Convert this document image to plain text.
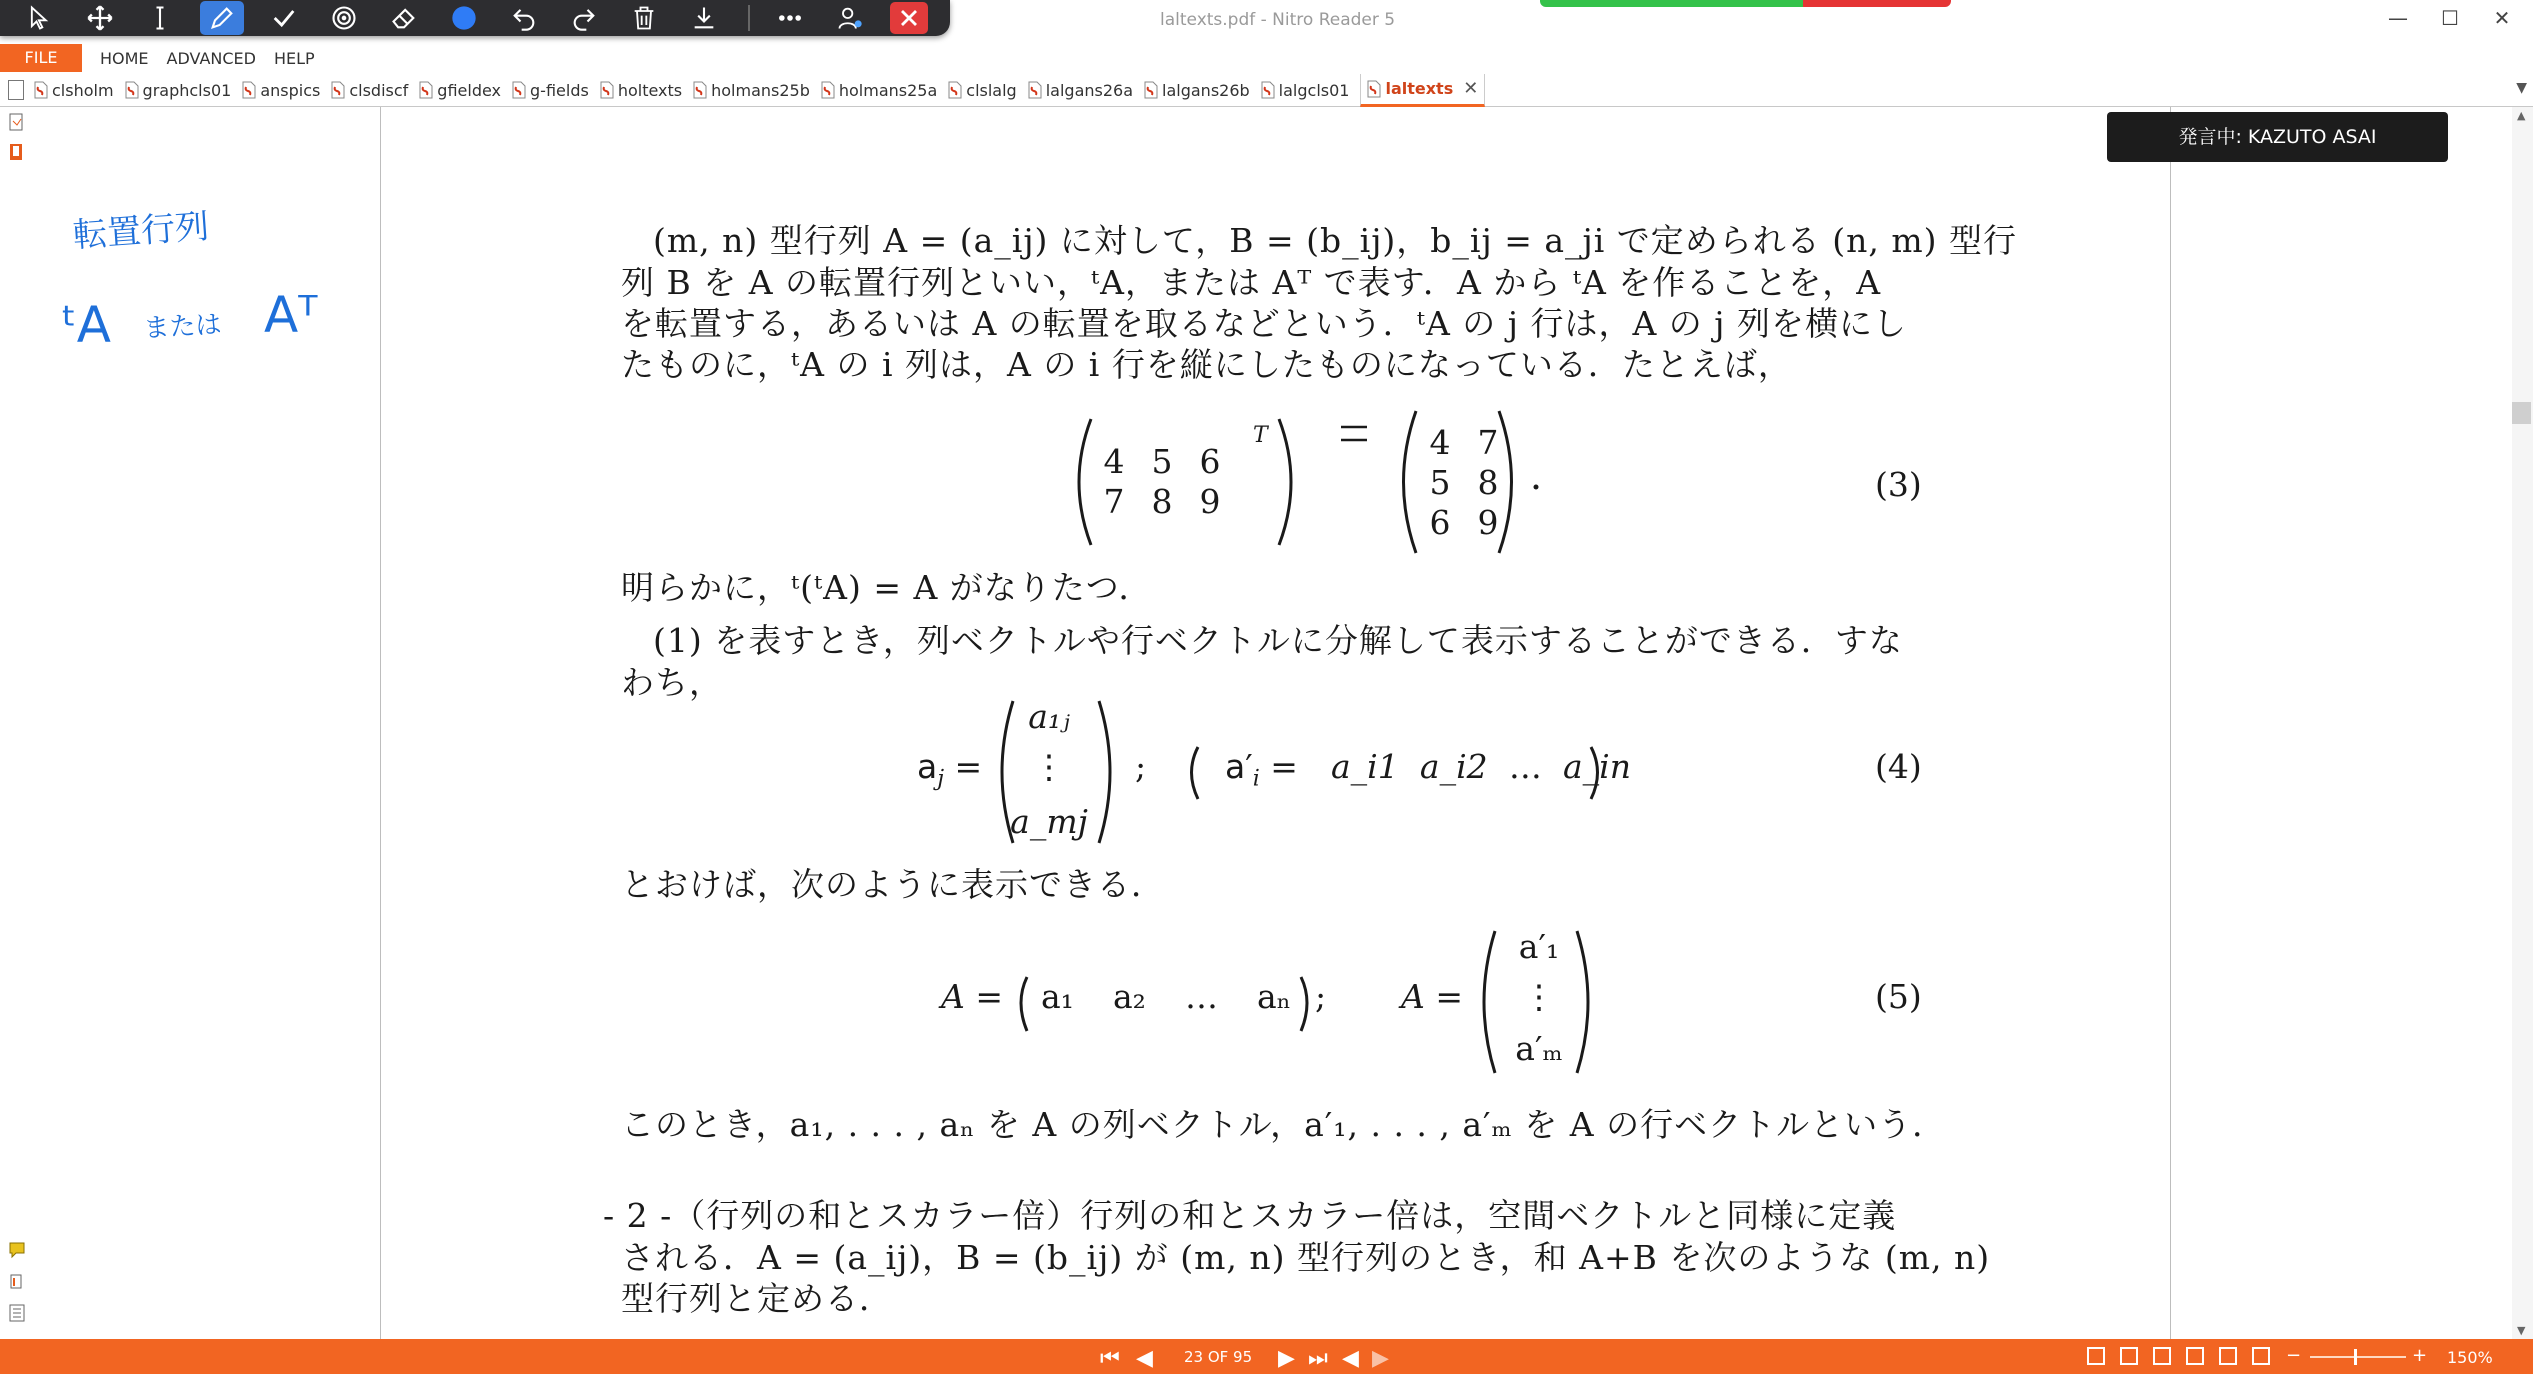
laltexts.pdf - Nitro Reader 5	—	☐	✕
FILE	HOME ADVANCED HELP
clsholm graphcls01 anspics clsdiscf gfieldex g-fields holtexts holmans25b holmans25a clslalg lalgans26a lalgans26b lalgcls01 laltexts ✕	▼
転置行列
ᵗA または Aᵀ
(m, n) 型行列 A = (a_ij) に対して，B = (b_ij)，b_ij = a_ji で定められる (n, m) 型行
列 B を A の転置行列といい，ᵗA，または Aᵀ で表す．A から ᵗA を作ることを，A
を転置する，あるいは A の転置を取るなどという．ᵗA の j 行は，A の j 列を横にし
たものに，ᵗA の i 列は，A の i 行を縦にしたものになっている．たとえば，
4 5 6
7 8 9
T	4 7
5 8
6 9
(3)
明らかに，ᵗ(ᵗA) = A がなりたつ．
(1) を表すとき，列ベクトルや行ベクトルに分解して表示することができる．すな
わち，
$a_j$ =
a₁ⱼ
⋮
a_mj
; $a'_i$ = a_i1 a_i2 … a_in	(4)
とおけば，次のように表示できる．
A = a₁ a₂ … aₙ ; A =
a′₁
⋮
a′ₘ
(5)
このとき，a₁, . . . , aₙ を A の列ベクトル，a′₁, . . . , a′ₘ を A の行ベクトルという．
- 2 -（行列の和とスカラー倍）行列の和とスカラー倍は，空間ベクトルと同様に定義
される．A = (a_ij)，B = (b_ij) が (m, n) 型行列のとき，和 A+B を次のような (m, n)
型行列と定める．
▲
▼
発言中: KAZUTO ASAI
⏮ ◀ 23 OF 95 ▶ ⏭ ◀ ▶	−	+ 150%
